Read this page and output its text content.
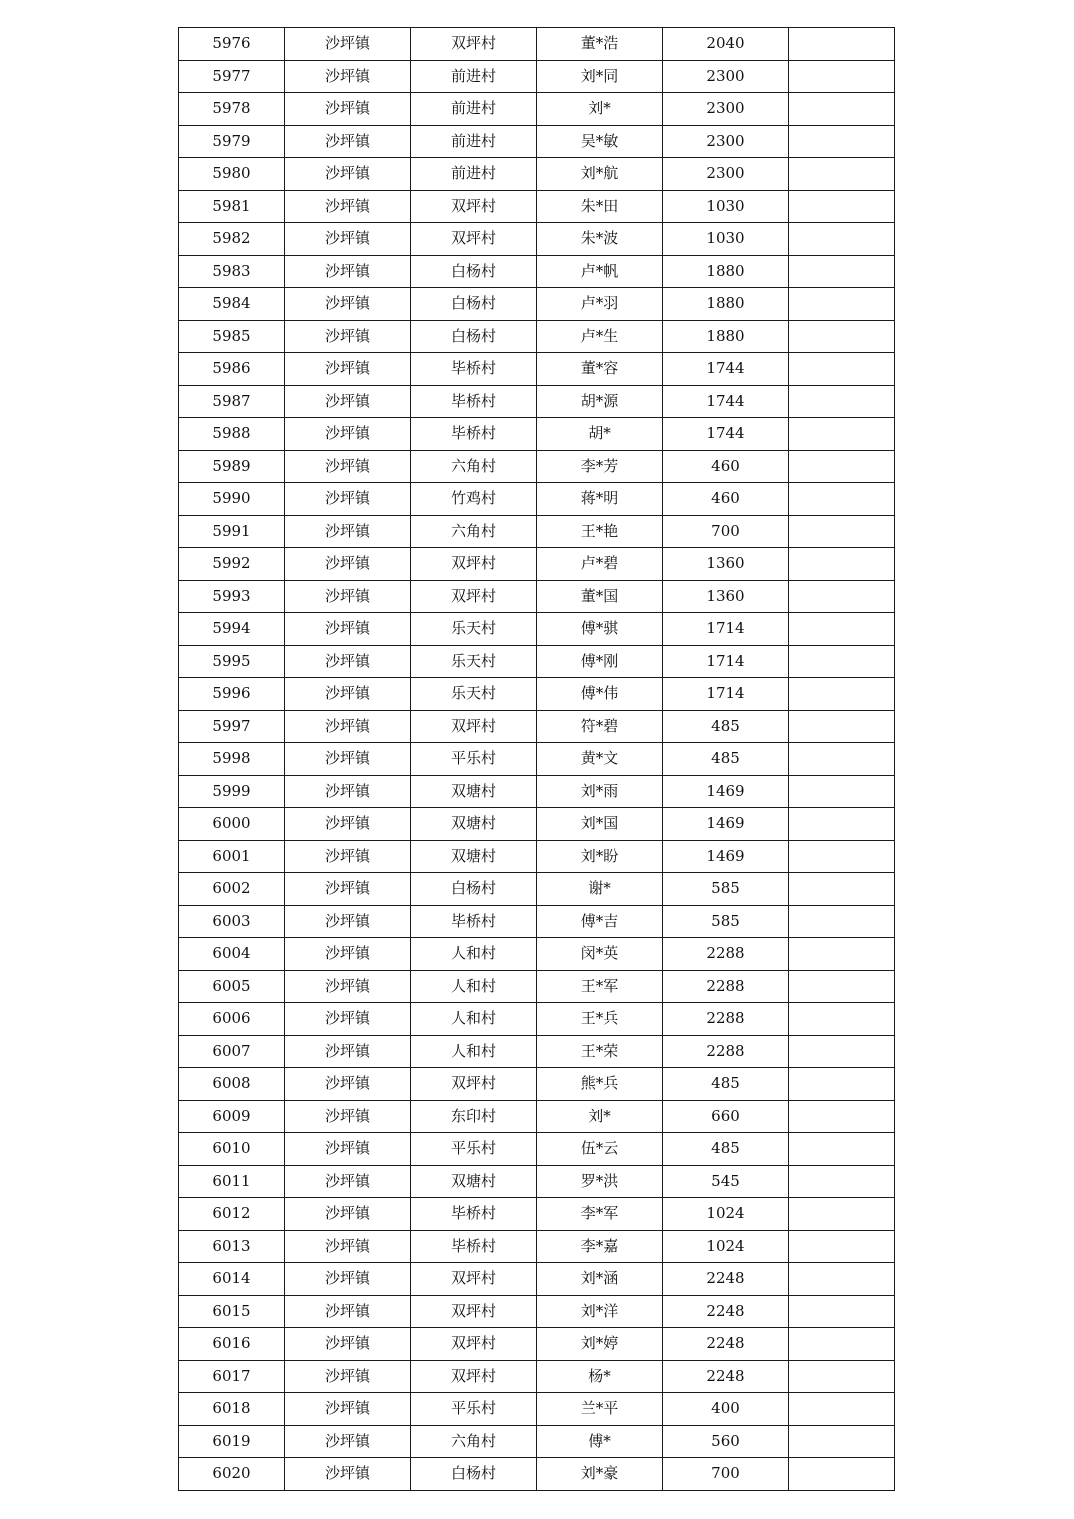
5976	沙坪镇	双坪村	董*浩	2040	
5977	沙坪镇	前进村	刘*同	2300	
5978	沙坪镇	前进村	刘*	2300	
5979	沙坪镇	前进村	吴*敏	2300	
5980	沙坪镇	前进村	刘*航	2300	
5981	沙坪镇	双坪村	朱*田	1030	
5982	沙坪镇	双坪村	朱*波	1030	
5983	沙坪镇	白杨村	卢*帆	1880	
5984	沙坪镇	白杨村	卢*羽	1880	
5985	沙坪镇	白杨村	卢*生	1880	
5986	沙坪镇	毕桥村	董*容	1744	
5987	沙坪镇	毕桥村	胡*源	1744	
5988	沙坪镇	毕桥村	胡*	1744	
5989	沙坪镇	六角村	李*芳	460	
5990	沙坪镇	竹鸡村	蒋*明	460	
5991	沙坪镇	六角村	王*艳	700	
5992	沙坪镇	双坪村	卢*碧	1360	
5993	沙坪镇	双坪村	董*国	1360	
5994	沙坪镇	乐天村	傅*骐	1714	
5995	沙坪镇	乐天村	傅*刚	1714	
5996	沙坪镇	乐天村	傅*伟	1714	
5997	沙坪镇	双坪村	符*碧	485	
5998	沙坪镇	平乐村	黄*文	485	
5999	沙坪镇	双塘村	刘*雨	1469	
6000	沙坪镇	双塘村	刘*国	1469	
6001	沙坪镇	双塘村	刘*盼	1469	
6002	沙坪镇	白杨村	谢*	585	
6003	沙坪镇	毕桥村	傅*吉	585	
6004	沙坪镇	人和村	闵*英	2288	
6005	沙坪镇	人和村	王*军	2288	
6006	沙坪镇	人和村	王*兵	2288	
6007	沙坪镇	人和村	王*荣	2288	
6008	沙坪镇	双坪村	熊*兵	485	
6009	沙坪镇	东印村	刘*	660	
6010	沙坪镇	平乐村	伍*云	485	
6011	沙坪镇	双塘村	罗*洪	545	
6012	沙坪镇	毕桥村	李*军	1024	
6013	沙坪镇	毕桥村	李*嘉	1024	
6014	沙坪镇	双坪村	刘*涵	2248	
6015	沙坪镇	双坪村	刘*洋	2248	
6016	沙坪镇	双坪村	刘*婷	2248	
6017	沙坪镇	双坪村	杨*	2248	
6018	沙坪镇	平乐村	兰*平	400	
6019	沙坪镇	六角村	傅*	560	
6020	沙坪镇	白杨村	刘*豪	700	
